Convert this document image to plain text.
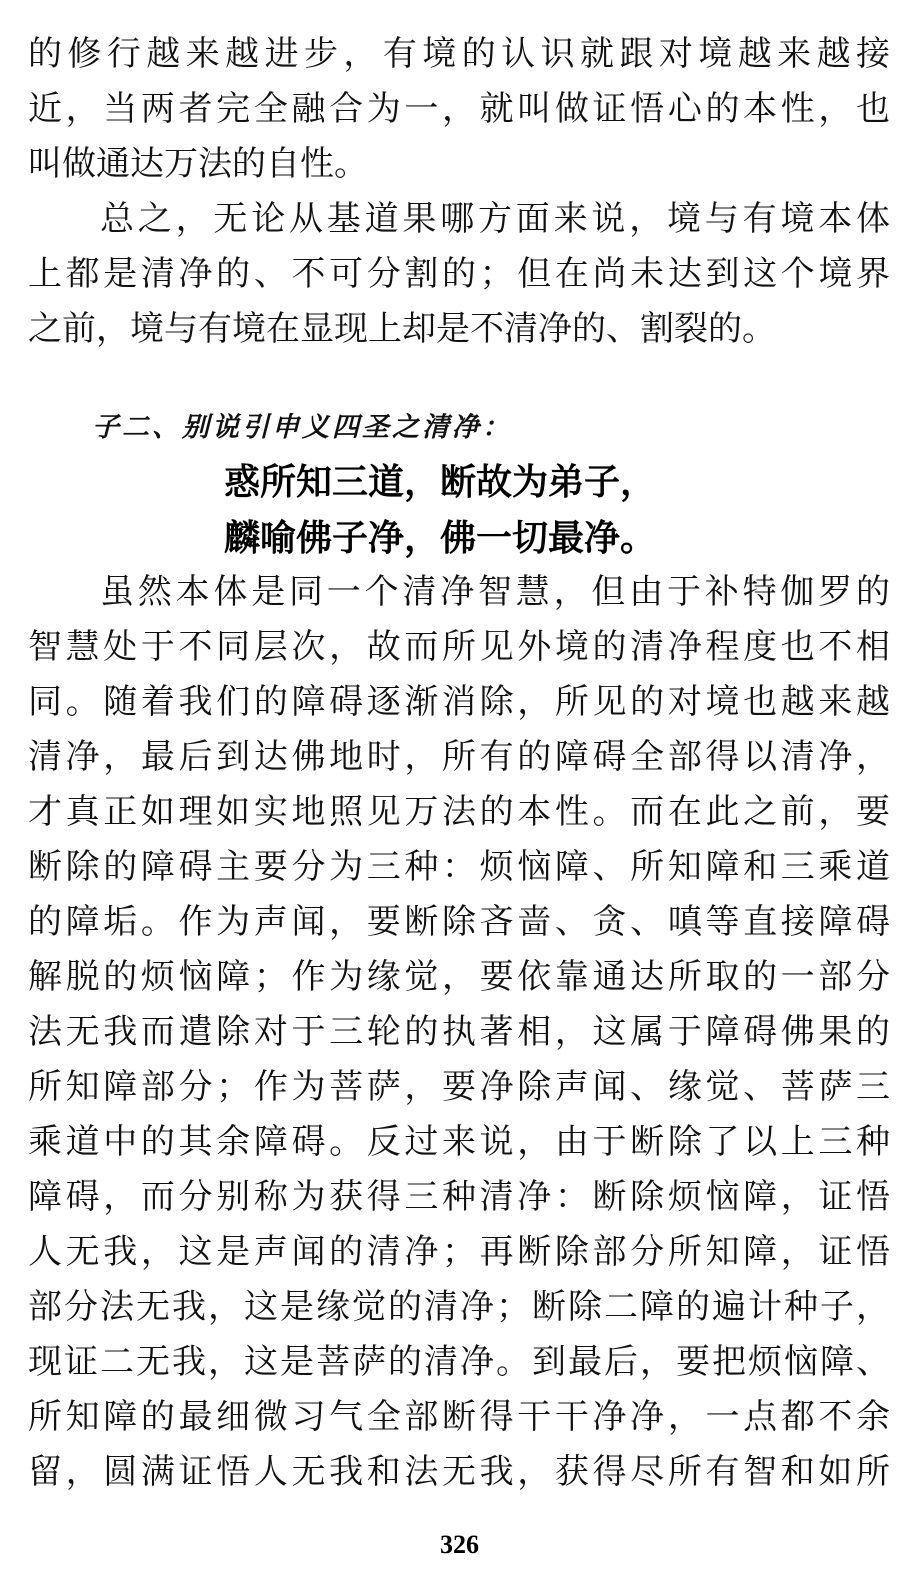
的修行越来越进步，有境的认识就跟对境越来越接
近，当两者完全融合为一，就叫做证悟心的本性，也
叫做通达万法的自性。
总之，无论从基道果哪方面来说，境与有境本体
上都是清净的、不可分割的；但在尚未达到这个境界
之前，境与有境在显现上却是不清净的、割裂的。
子二、别说引申义四圣之清净：
惑所知三道，断故为弟子，
麟喻佛子净，佛一切最净。
虽然本体是同一个清净智慧，但由于补特伽罗的
智慧处于不同层次，故而所见外境的清净程度也不相
同。随着我们的障碍逐渐消除，所见的对境也越来越
清净，最后到达佛地时，所有的障碍全部得以清净，
才真正如理如实地照见万法的本性。而在此之前，要
断除的障碍主要分为三种：烦恼障、所知障和三乘道
的障垢。作为声闻，要断除吝啬、贪、嗔等直接障碍
解脱的烦恼障；作为缘觉，要依靠通达所取的一部分
法无我而遣除对于三轮的执著相，这属于障碍佛果的
所知障部分；作为菩萨，要净除声闻、缘觉、菩萨三
乘道中的其余障碍。反过来说，由于断除了以上三种
障碍，而分别称为获得三种清净：断除烦恼障，证悟
人无我，这是声闻的清净；再断除部分所知障，证悟
部分法无我，这是缘觉的清净；断除二障的遍计种子，
现证二无我，这是菩萨的清净。到最后，要把烦恼障、
所知障的最细微习气全部断得干干净净，一点都不余
留，圆满证悟人无我和法无我，获得尽所有智和如所
326
